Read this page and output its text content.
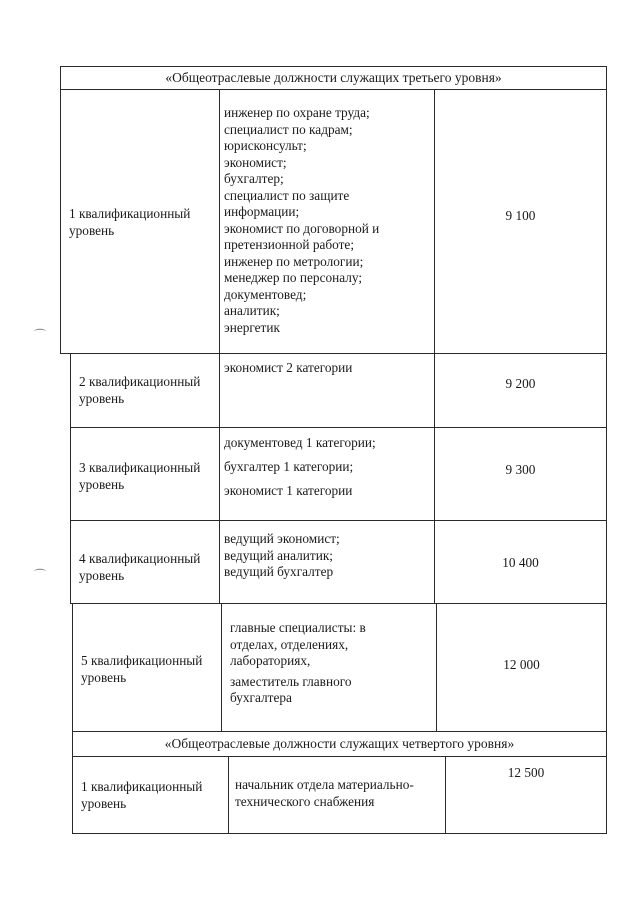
⌒
⌒
«Общеотраслевые должности служащих третьего уровня»
1 квалификационный
уровень
инженер по охране труда;
специалист по кадрам;
юрисконсульт;
экономист;
бухгалтер;
специалист по защите
информации;
экономист по договорной и
претензионной работе;
инженер по метрологии;
менеджер по персоналу;
документовед;
аналитик;
энергетик
9 100
2 квалификационный
уровень
экономист 2 категории
9 200
3 квалификационный
уровень
документовед 1 категории;
бухгалтер 1 категории;
экономист 1 категории
9 300
4 квалификационный
уровень
ведущий экономист;
ведущий аналитик;
ведущий бухгалтер
10 400
5 квалификационный
уровень
главные специалисты: в
отделах, отделениях,
лабораториях,
заместитель главного
бухгалтера
12 000
«Общеотраслевые должности служащих четвертого уровня»
1 квалификационный
уровень
начальник отдела материально-
технического снабжения
12 500
